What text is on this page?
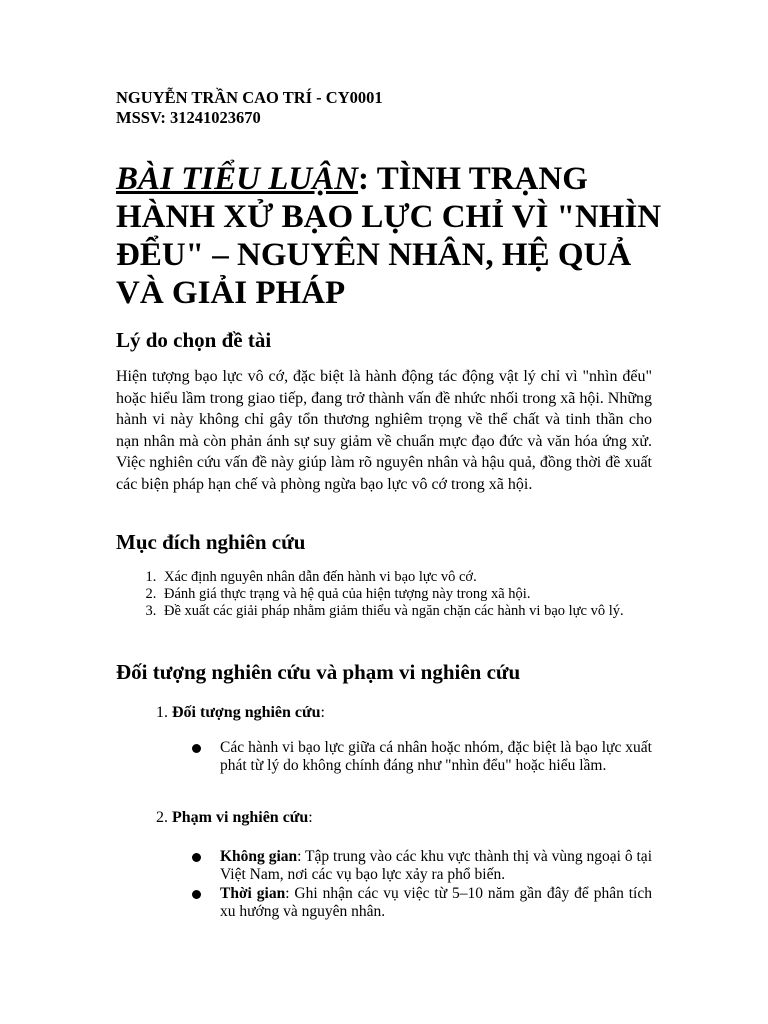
NGUYỄN TRẦN CAO TRÍ - CY0001
MSSV: 31241023670
BÀI TIỂU LUẬN: TÌNH TRẠNG HÀNH XỬ BẠO LỰC CHỈ VÌ "NHÌN ĐỂU" – NGUYÊN NHÂN, HỆ QUẢ VÀ GIẢI PHÁP
Lý do chọn đề tài

Hiện tượng bạo lực vô cớ, đặc biệt là hành động tác động vật lý chỉ vì "nhìn đểu" hoặc hiểu lầm trong giao tiếp, đang trở thành vấn đề nhức nhối trong xã hội. Những hành vi này không chỉ gây tổn thương nghiêm trọng về thể chất và tinh thần cho nạn nhân mà còn phản ánh sự suy giảm về chuẩn mực đạo đức và văn hóa ứng xử. Việc nghiên cứu vấn đề này giúp làm rõ nguyên nhân và hậu quả, đồng thời đề xuất các biện pháp hạn chế và phòng ngừa bạo lực vô cớ trong xã hội.

Mục đích nghiên cứu
1. Xác định nguyên nhân dẫn đến hành vi bạo lực vô cớ.
2. Đánh giá thực trạng và hệ quả của hiện tượng này trong xã hội.
3. Đề xuất các giải pháp nhằm giảm thiểu và ngăn chặn các hành vi bạo lực vô lý.
Đối tượng nghiên cứu và phạm vi nghiên cứu
1. Đối tượng nghiên cứu:
Các hành vi bạo lực giữa cá nhân hoặc nhóm, đặc biệt là bạo lực xuất phát từ lý do không chính đáng như "nhìn đểu" hoặc hiểu lầm.
2. Phạm vi nghiên cứu:
Không gian: Tập trung vào các khu vực thành thị và vùng ngoại ô tại Việt Nam, nơi các vụ bạo lực xảy ra phổ biến.
Thời gian: Ghi nhận các vụ việc từ 5–10 năm gần đây để phân tích xu hướng và nguyên nhân.
